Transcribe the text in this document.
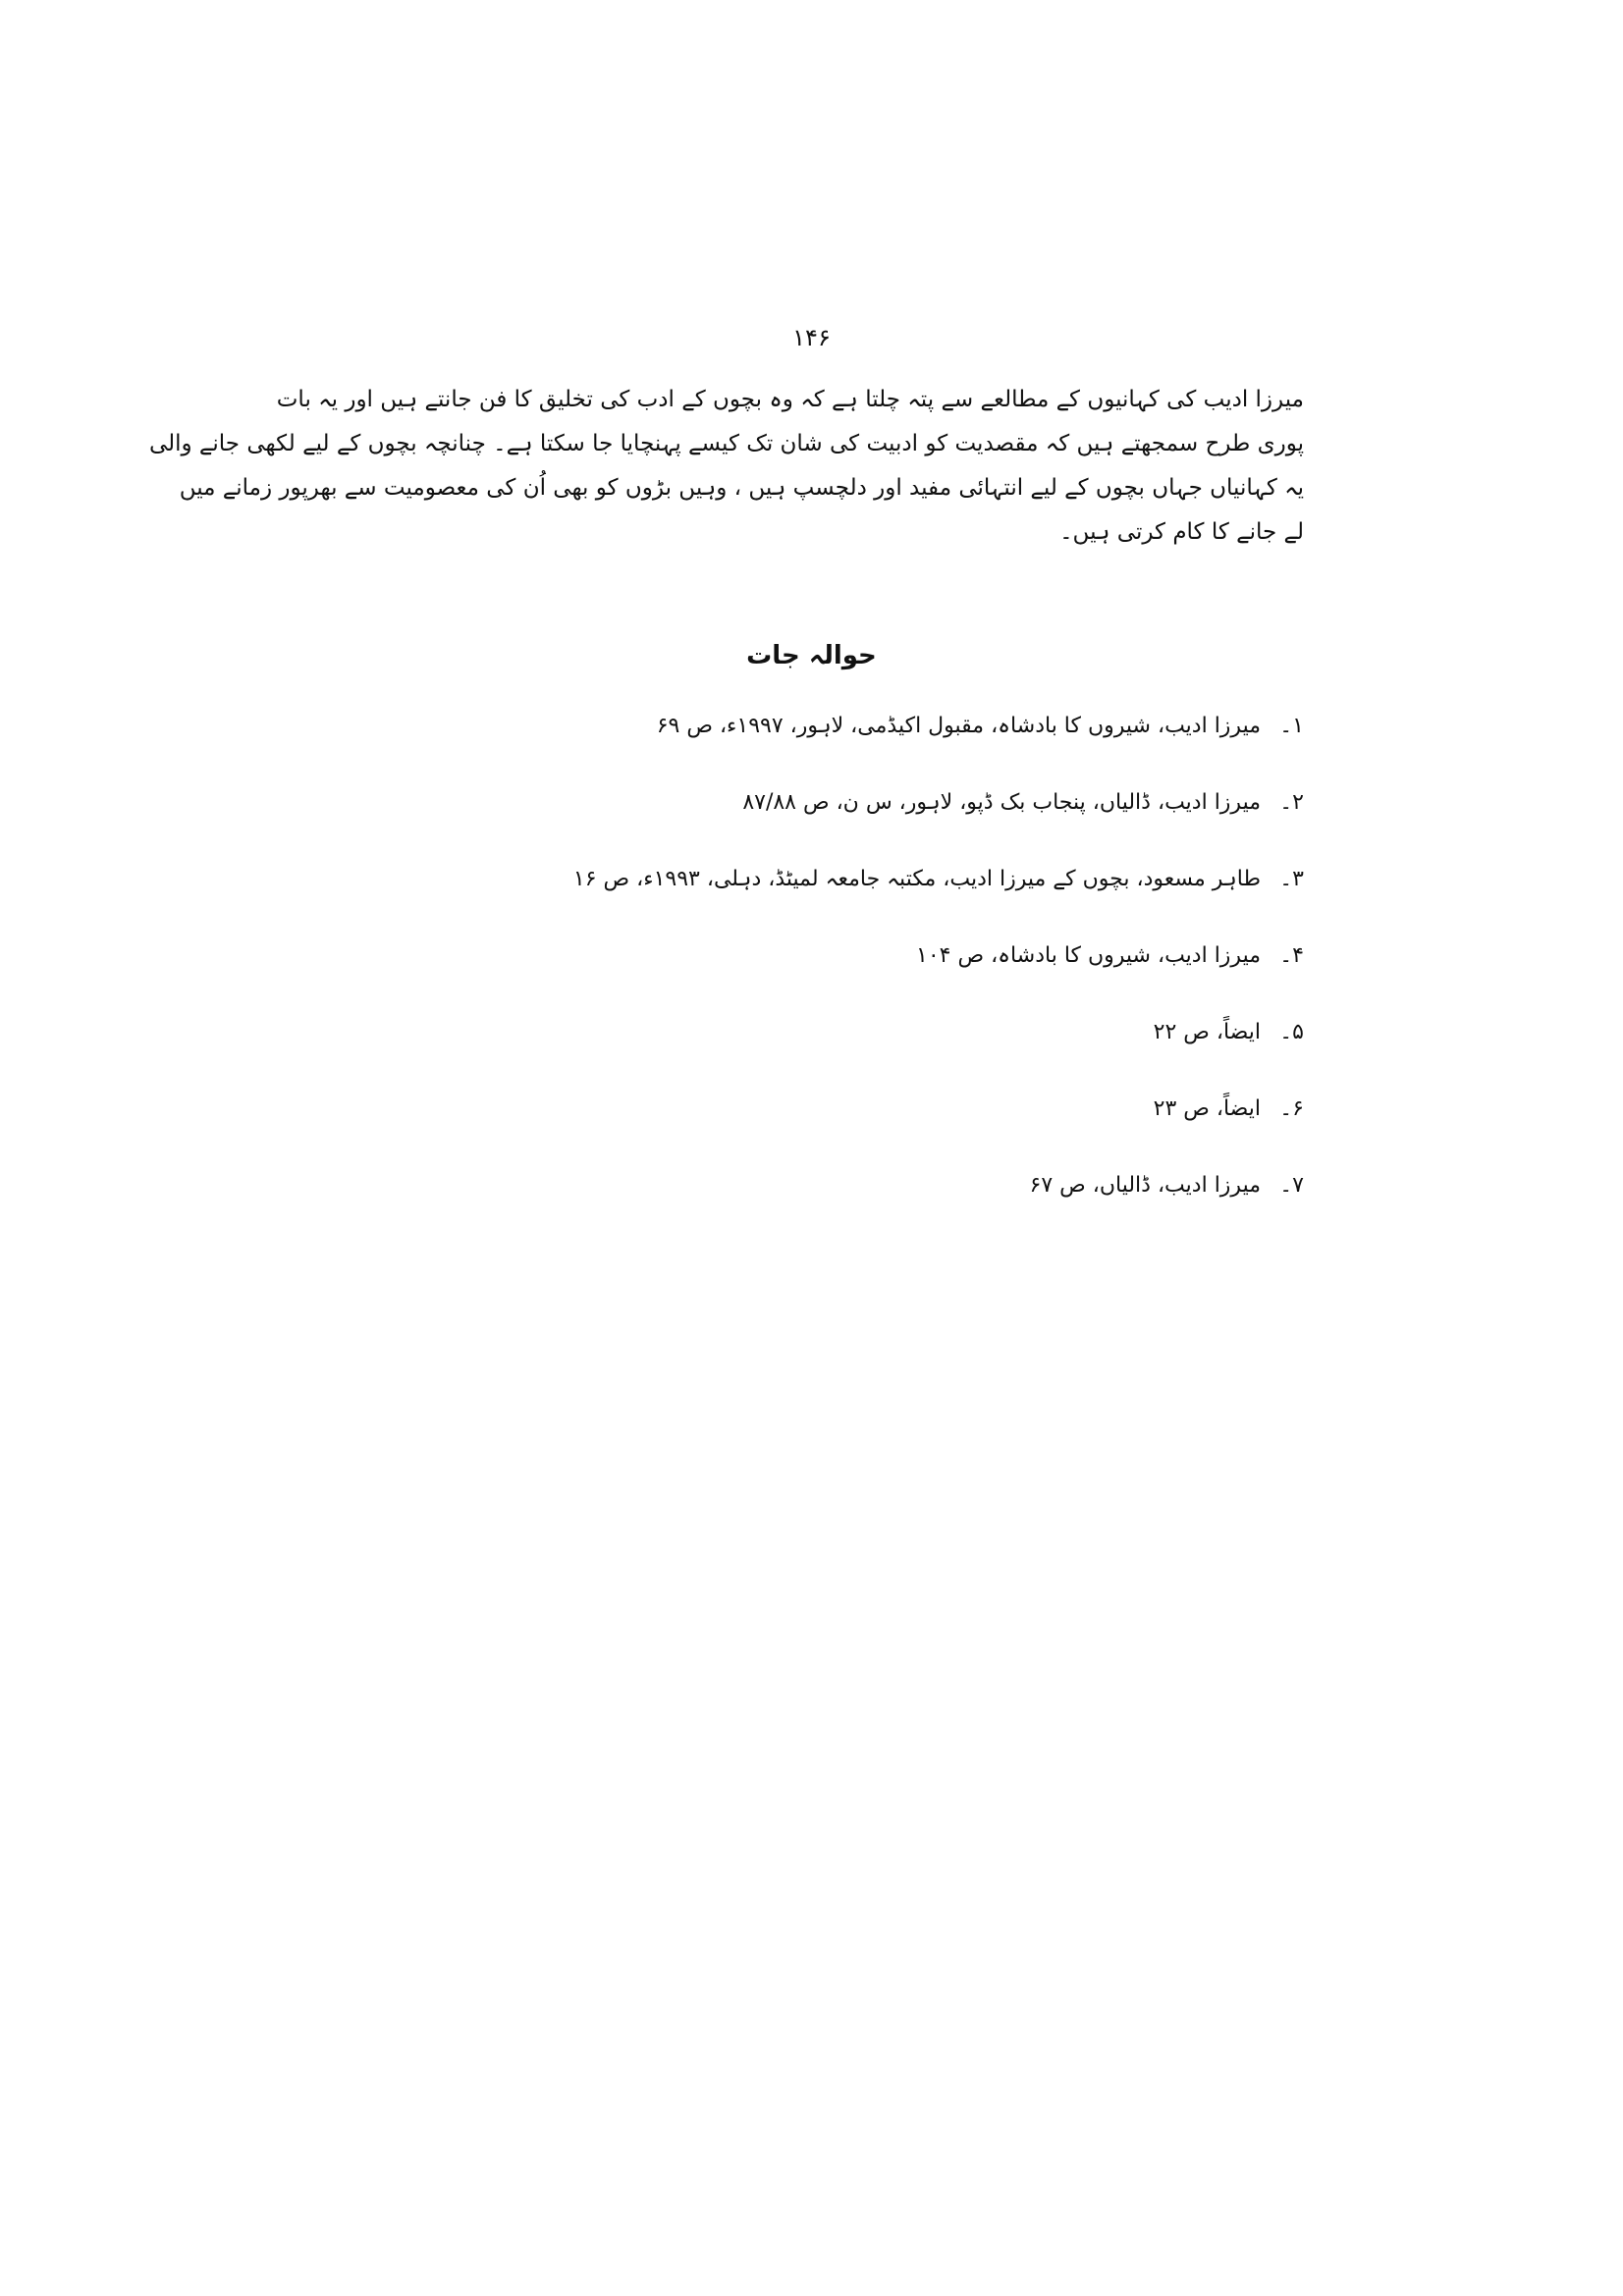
۱۴۶
میرزا ادیب کی کہانیوں کے مطالعے سے پتہ چلتا ہے کہ وہ بچوں کے ادب کی تخلیق کا فن جانتے ہیں اور یہ بات
پوری طرح سمجھتے ہیں کہ مقصدیت کو ادبیت کی شان تک کیسے پہنچایا جا سکتا ہے۔ چنانچہ بچوں کے لیے لکھی جانے والی
یہ کہانیاں جہاں بچوں کے لیے انتہائی مفید اور دلچسپ ہیں ، وہیں بڑوں کو بھی اُن کی معصومیت سے بھرپور زمانے میں
لے جانے کا کام کرتی ہیں۔
حوالہ جات
۱۔
میرزا ادیب، شیروں کا بادشاہ، مقبول اکیڈمی، لاہور، ۱۹۹۷ء، ص ۶۹
۲۔
میرزا ادیب، ڈالیاں، پنجاب بک ڈپو، لاہور، س ن، ص ۸۷/۸۸
۳۔
طاہر مسعود، بچوں کے میرزا ادیب، مکتبہ جامعہ لمیٹڈ، دہلی، ۱۹۹۳ء، ص ۱۶
۴۔
میرزا ادیب، شیروں کا بادشاہ، ص ۱۰۴
۵۔
ایضاً، ص ۲۲
۶۔
ایضاً، ص ۲۳
۷۔
میرزا ادیب، ڈالیاں، ص ۶۷
